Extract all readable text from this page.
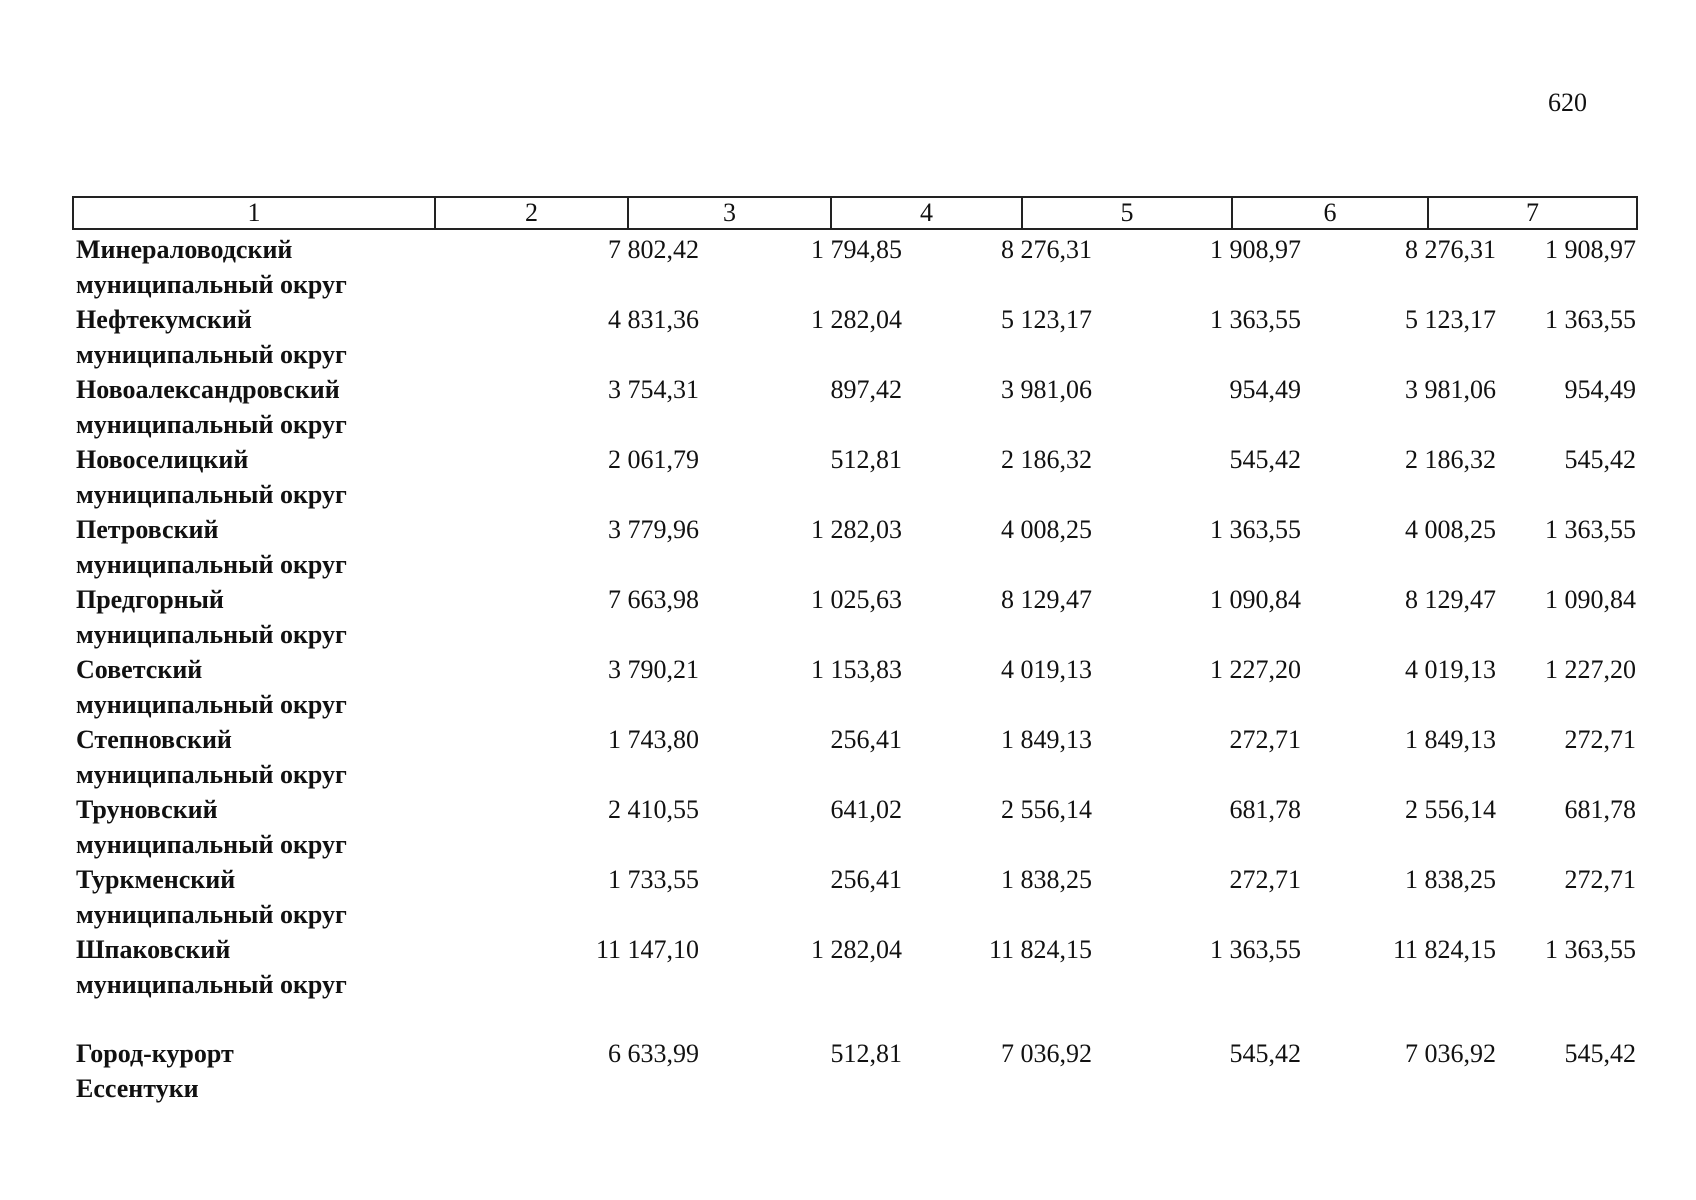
620
1	2	3	4	5	6	7
Минераловодский
муниципальный округ
7 802,42	1 794,85	8 276,31	1 908,97	8 276,31	1 908,97
Нефтекумский
муниципальный округ
4 831,36	1 282,04	5 123,17	1 363,55	5 123,17	1 363,55
Новоалександровский
муниципальный округ
3 754,31	897,42	3 981,06	954,49	3 981,06	954,49
Новоселицкий
муниципальный округ
2 061,79	512,81	2 186,32	545,42	2 186,32	545,42
Петровский
муниципальный округ
3 779,96	1 282,03	4 008,25	1 363,55	4 008,25	1 363,55
Предгорный
муниципальный округ
7 663,98	1 025,63	8 129,47	1 090,84	8 129,47	1 090,84
Советский
муниципальный округ
3 790,21	1 153,83	4 019,13	1 227,20	4 019,13	1 227,20
Степновский
муниципальный округ
1 743,80	256,41	1 849,13	272,71	1 849,13	272,71
Труновский
муниципальный округ
2 410,55	641,02	2 556,14	681,78	2 556,14	681,78
Туркменский
муниципальный округ
1 733,55	256,41	1 838,25	272,71	1 838,25	272,71
Шпаковский
муниципальный округ
11 147,10	1 282,04	11 824,15	1 363,55	11 824,15	1 363,55
Город-курорт
Ессентуки
6 633,99	512,81	7 036,92	545,42	7 036,92	545,42
